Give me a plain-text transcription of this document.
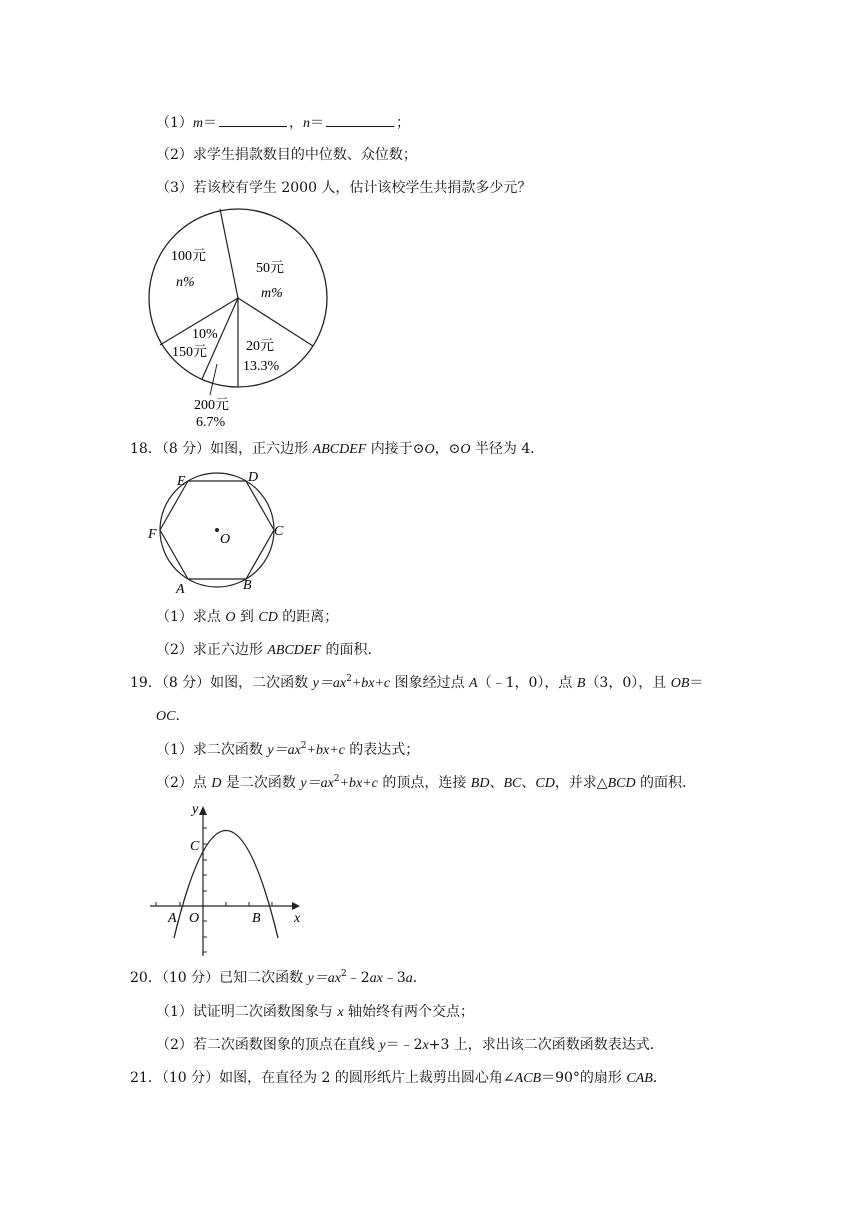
（1）m＝	，n＝	；
（2）求学生捐款数目的中位数、众位数；
（3）若该校有学生 2000 人，估计该校学生共捐款多少元？
100元
n%
50元
m%
10%
150元	20元
13.3%
200元
6.7%
18．（8 分）如图，正六边形 ABCDEF 内接于⊙O，⊙O 半径为 4．
E	D
F	C
O
A	B
（1）求点 O 到 CD 的距离；
（2）求正六边形 ABCDEF 的面积．
19．（8 分）如图，二次函数 $y=ax^2+bx+c$ 图象经过点 A（﹣1，0），点 B（3，0），且 OB＝
OC．
（1）求二次函数 $y=ax^2+bx+c$ 的表达式；
（2）点 D 是二次函数 $y=ax^2+bx+c$ 的顶点，连接 BD、BC、CD，并求△BCD 的面积．
y
x
C
A O	B
20．（10 分）已知二次函数 $y=ax^2﹣2ax﹣3a$．
（1）试证明二次函数图象与 x 轴始终有两个交点；
（2）若二次函数图象的顶点在直线 y＝﹣2x+3 上，求出该二次函数函数表达式．
21．（10 分）如图，在直径为 2 的圆形纸片上裁剪出圆心角∠ACB＝90°的扇形 CAB．
